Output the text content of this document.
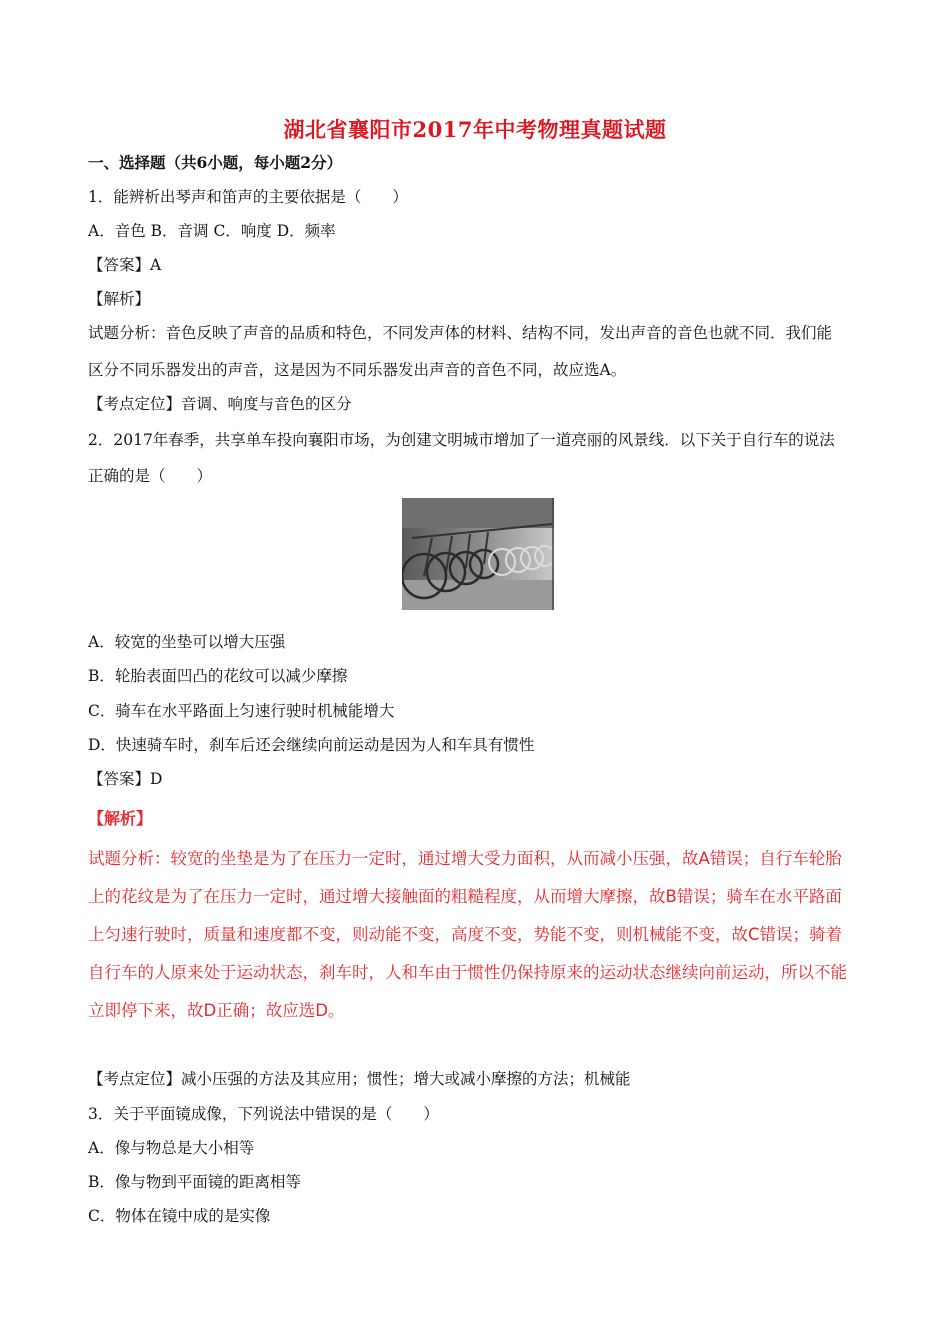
湖北省襄阳市2017年中考物理真题试题
一、选择题（共6小题，每小题2分）
1．能辨析出琴声和笛声的主要依据是（　　）
A．音色 B．音调 C．响度 D．频率
【答案】A
【解析】
试题分析：音色反映了声音的品质和特色，不同发声体的材料、结构不同，发出声音的音色也就不同．我们能
区分不同乐器发出的声音，这是因为不同乐器发出声音的音色不同，故应选A。
【考点定位】音调、响度与音色的区分
2．2017年春季，共享单车投向襄阳市场，为创建文明城市增加了一道亮丽的风景线．以下关于自行车的说法
正确的是（　　）
A．较宽的坐垫可以增大压强
B．轮胎表面凹凸的花纹可以减少摩擦
C．骑车在水平路面上匀速行驶时机械能增大
D．快速骑车时，刹车后还会继续向前运动是因为人和车具有惯性
【答案】D
【解析】
试题分析：较宽的坐垫是为了在压力一定时，通过增大受力面积，从而减小压强，故A错误；自行车轮胎
上的花纹是为了在压力一定时，通过增大接触面的粗糙程度，从而增大摩擦，故B错误；骑车在水平路面
上匀速行驶时，质量和速度都不变，则动能不变，高度不变，势能不变，则机械能不变，故C错误；骑着
自行车的人原来处于运动状态，刹车时，人和车由于惯性仍保持原来的运动状态继续向前运动，所以不能
立即停下来，故D正确；故应选D。
【考点定位】减小压强的方法及其应用；惯性；增大或减小摩擦的方法；机械能
3．关于平面镜成像，下列说法中错误的是（　　）
A．像与物总是大小相等
B．像与物到平面镜的距离相等
C．物体在镜中成的是实像
